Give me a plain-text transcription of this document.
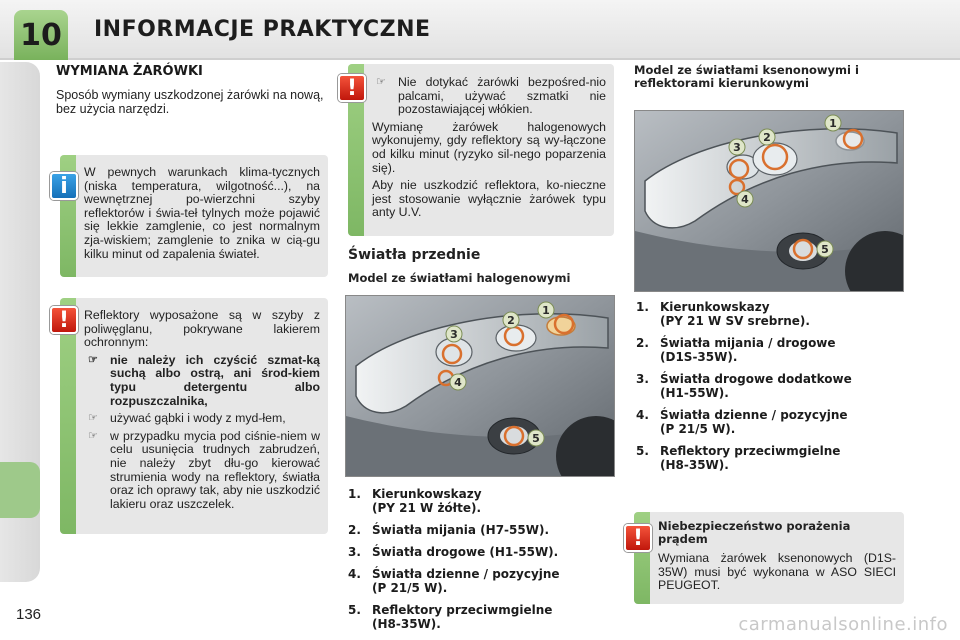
10 INFORMACJE PRAKTYCZNE
WYMIANA ŻARÓWKI

Sposób wymiany uszkodzonej żarówki na nową, bez użycia narzędzi.

W pewnych warunkach klima-tycznych (niska temperatura, wilgotność...), na wewnętrznej po-wierzchni szyby reflektorów i świa-teł tylnych może pojawić się lekkie zamglenie, co jest normalnym zja-wiskiem; zamglenie to znika w cią-gu kilku minut od zapalenia świateł.

i

Reflektory wyposażone są w szyby z poliwęglanu, pokrywane lakierem ochronnym:

☞ nie należy ich czyścić szmat-ką suchą albo ostrą, ani środ-kiem typu detergentu albo rozpuszczalnika,
☞ używać gąbki i wody z myd-łem,
☞ w przypadku mycia pod ciśnie-niem w celu usunięcia trudnych zabrudzeń, nie należy zbyt dłu-go kierować strumienia wody na reflektory, światła oraz ich oprawy tak, aby nie uszkodzić lakieru oraz uszczelek.
!
☞ Nie dotykać żarówki bezpośred-nio palcami, używać szmatki nie pozostawiającej włókien.

Wymianę żarówek halogenowych wykonujemy, gdy reflektory są wy-łączone od kilku minut (ryzyko sil-nego poparzenia się).

Aby nie uszkodzić reflektora, ko-nieczne jest stosowanie wyłącznie żarówek typu anty U.V.

!
Światła przednie
Model ze światłami halogenowymi
1
2
3
4
5
1. Kierunkowskazy
(PY 21 W żółte).
2. Światła mijania (H7-55W).
3. Światła drogowe (H1-55W).
4. Światła dzienne / pozycyjne
(P 21/5 W).
5. Reflektory przeciwmgielne
(H8-35W).
Model ze światłami ksenonowymi i reflektorami kierunkowymi
1
2
3
4
5
1. Kierunkowskazy
(PY 21 W SV srebrne).
2. Światła mijania / drogowe
(D1S-35W).
3. Światła drogowe dodatkowe
(H1-55W).
4. Światła dzienne / pozycyjne
(P 21/5 W).
5. Reflektory przeciwmgielne
(H8-35W).

Niebezpieczeństwo porażenia prądem

Wymiana żarówek ksenonowych (D1S-35W) musi być wykonana w ASO SIECI PEUGEOT.

!
136	carmanualsonline.info
